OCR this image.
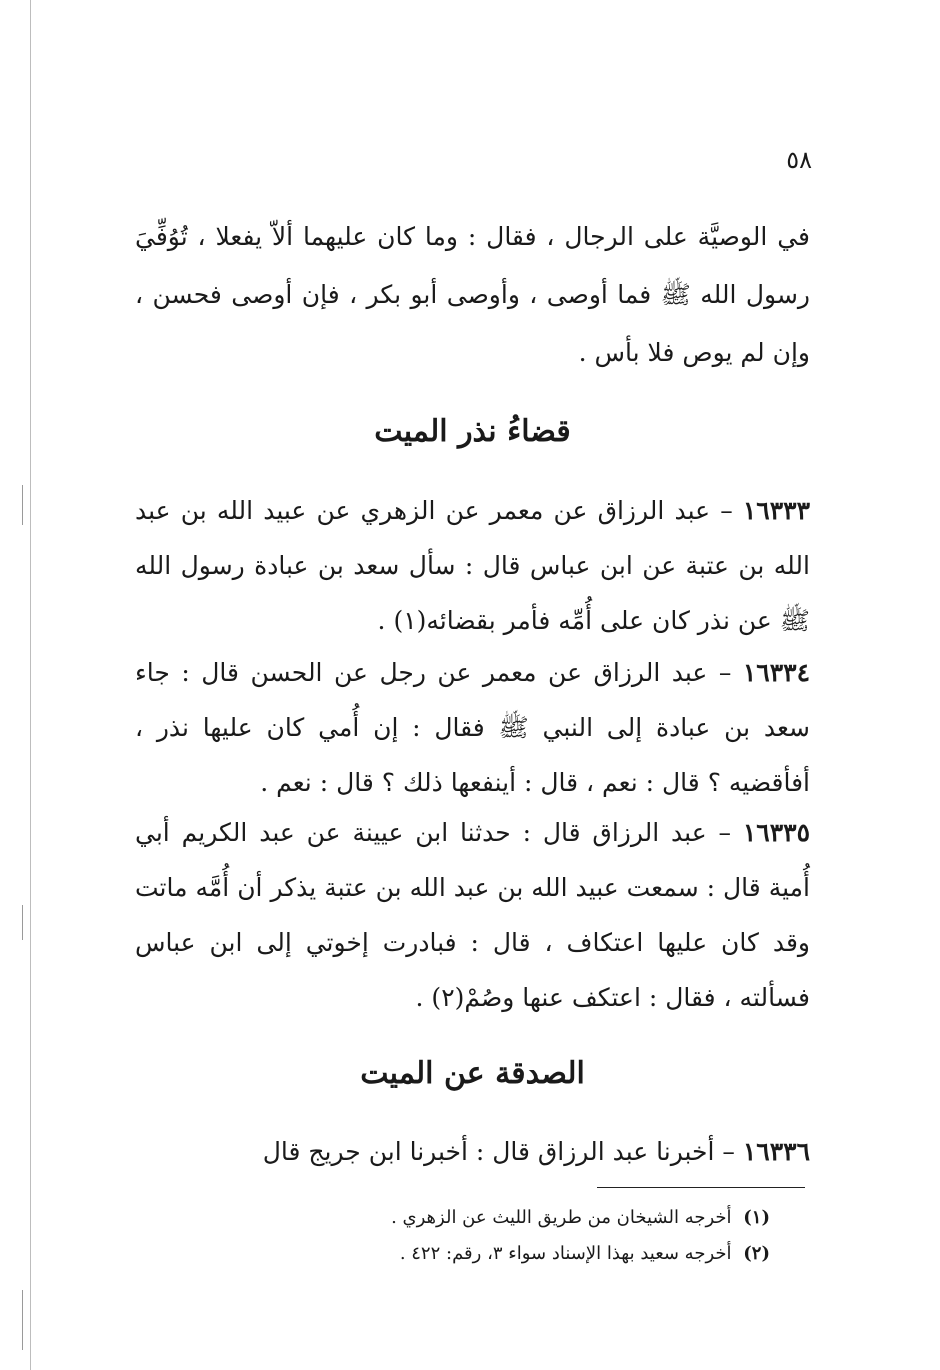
٥٨

في الوصيَّة على الرجال ، فقال : وما كان عليهما ألاّ يفعلا ، تُوُفِّيَ رسول الله ﷺ فما أوصى ، وأوصى أبو بكر ، فإن أوصى فحسن ، وإن لم يوص فلا بأس .

قضاءُ نذر الميت

١٦٣٣٣ – عبد الرزاق عن معمر عن الزهري عن عبيد الله بن عبد الله بن عتبة عن ابن عباس قال : سأل سعد بن عبادة رسول الله ﷺ عن نذر كان على أُمِّه فأمر بقضائه(١) .

١٦٣٣٤ – عبد الرزاق عن معمر عن رجل عن الحسن قال : جاء سعد بن عبادة إلى النبي ﷺ فقال : إن أُمي كان عليها نذر ، أفأقضيه ؟ قال : نعم ، قال : أينفعها ذلك ؟ قال : نعم .

١٦٣٣٥ – عبد الرزاق قال : حدثنا ابن عيينة عن عبد الكريم أبي أُمية قال : سمعت عبيد الله بن عبد الله بن عتبة يذكر أن أُمَّه ماتت وقد كان عليها اعتكاف ، قال : فبادرت إخوتي إلى ابن عباس فسألته ، فقال : اعتكف عنها وصُمْ(٢) .

الصدقة عن الميت

١٦٣٣٦ – أخبرنا عبد الرزاق قال : أخبرنا ابن جريج قال

(١) أخرجه الشيخان من طريق الليث عن الزهري .
(٢) أخرجه سعيد بهذا الإسناد سواء ٣، رقم: ٤٢٢ .
